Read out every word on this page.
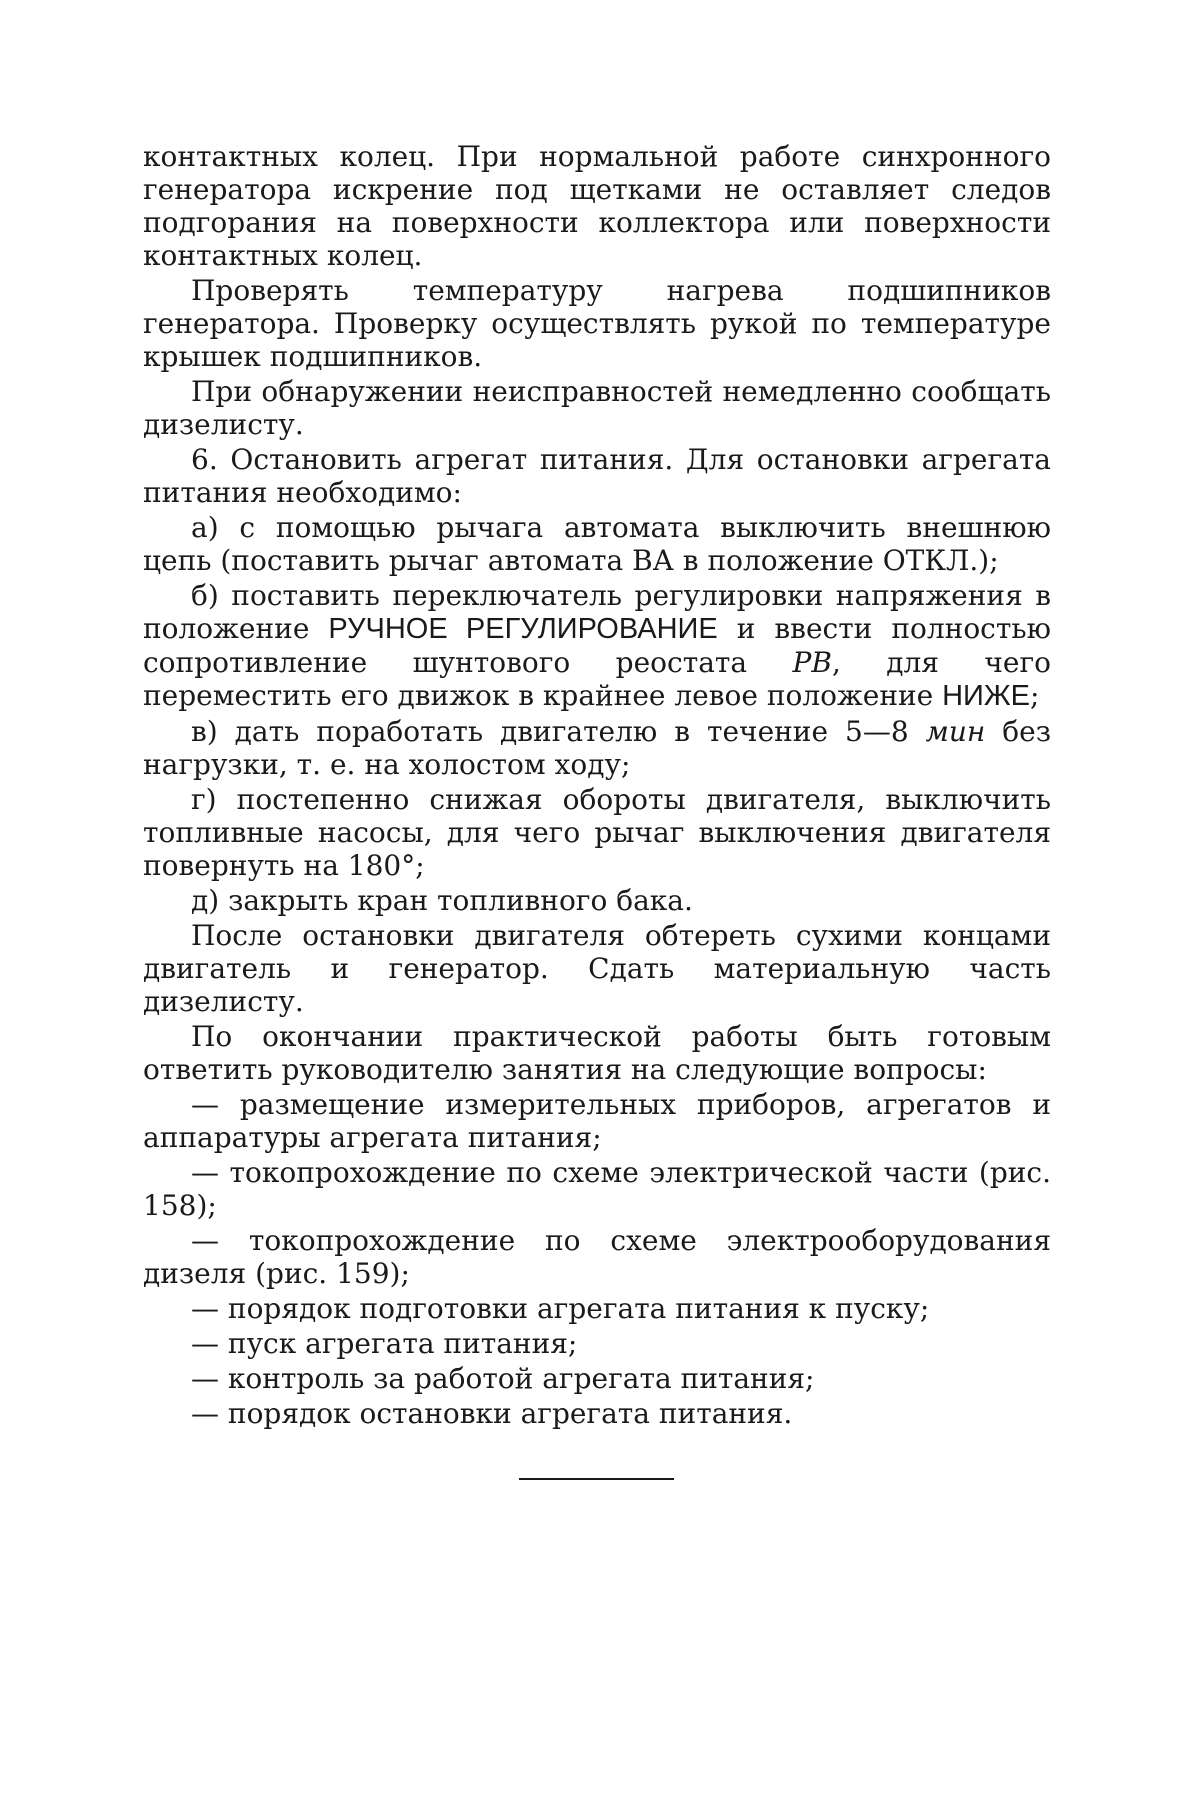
контактных колец. При нормальной работе синхронного генератора искрение под щетками не оставляет следов подгорания на поверхности коллектора или поверхности контактных колец.

Проверять температуру нагрева подшипников генератора. Проверку осуществлять рукой по температуре крышек подшипников.

При обнаружении неисправностей немедленно сообщать дизелисту.

6. Остановить агрегат питания. Для остановки агрегата питания необходимо:

а) с помощью рычага автомата выключить внешнюю цепь (поставить рычаг автомата ВА в положение ОТКЛ.);

б) поставить переключатель регулировки напряжения в положение РУЧНОЕ РЕГУЛИРОВАНИЕ и ввести полностью сопротивление шунтового реостата РВ, для чего переместить его движок в крайнее левое положение НИЖЕ;

в) дать поработать двигателю в течение 5—8 мин без нагрузки, т. е. на холостом ходу;

г) постепенно снижая обороты двигателя, выключить топливные насосы, для чего рычаг выключения двигателя повернуть на 180°;

д) закрыть кран топливного бака.

После остановки двигателя обтереть сухими концами двигатель и генератор. Сдать материальную часть дизелисту.

По окончании практической работы быть готовым ответить руководителю занятия на следующие вопросы:

— размещение измерительных приборов, агрегатов и аппаратуры агрегата питания;

— токопрохождение по схеме электрической части (рис. 158);

— токопрохождение по схеме электрооборудования дизеля (рис. 159);

— порядок подготовки агрегата питания к пуску;

— пуск агрегата питания;

— контроль за работой агрегата питания;

— порядок остановки агрегата питания.
